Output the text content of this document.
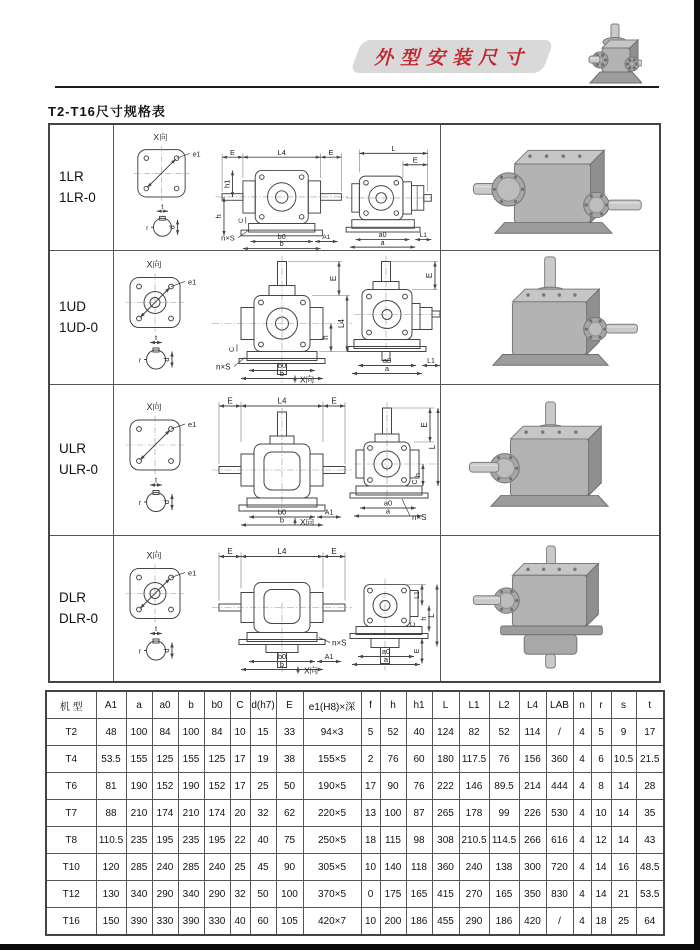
外型安装尺寸
T2-T16尺寸规格表
1LR
1LR-0
X向
e1
t
d
r
E	L4	E
h1
h
C
n×S	b0
b
A1
L
E
a0
a
L1
1UD
1UD-0
X向
e1
t
d
r
E
L4
h
C
n×S	b0
b
X向
E
a0
a
L1
ULR
ULR-0
X向
e1
t
d
r
E	L4	E
b0
b
A1
X向
E
L
h
C
a0
a
n×S
DLR
DLR-0
X向
e1
t
d
r
E	L4	E
n×S
b0
b
A1
X向
L1
C
h
L
E
a0
a
机 型	A1	a	a0	b	b0	C	d(h7)	E	e1(H8)×深	f	h	h1	L	L1	L2	L4	LAB	n	r	s	t
T2	48	100	84	100	84	10	15	33	94×3	5	52	40	124	82	52	114	/	4	5	9	17
T4	53.5	155	125	155	125	17	19	38	155×5	2	76	60	180	117.5	76	156	360	4	6	10.5	21.5
T6	81	190	152	190	152	17	25	50	190×5	17	90	76	222	146	89.5	214	444	4	8	14	28
T7	88	210	174	210	174	20	32	62	220×5	13	100	87	265	178	99	226	530	4	10	14	35
T8	110.5	235	195	235	195	22	40	75	250×5	18	115	98	308	210.5	114.5	266	616	4	12	14	43
T10	120	285	240	285	240	25	45	90	305×5	10	140	118	360	240	138	300	720	4	14	16	48.5
T12	130	340	290	340	290	32	50	100	370×5	0	175	165	415	270	165	350	830	4	14	21	53.5
T16	150	390	330	390	330	40	60	105	420×7	10	200	186	455	290	186	420	/	4	18	25	64
